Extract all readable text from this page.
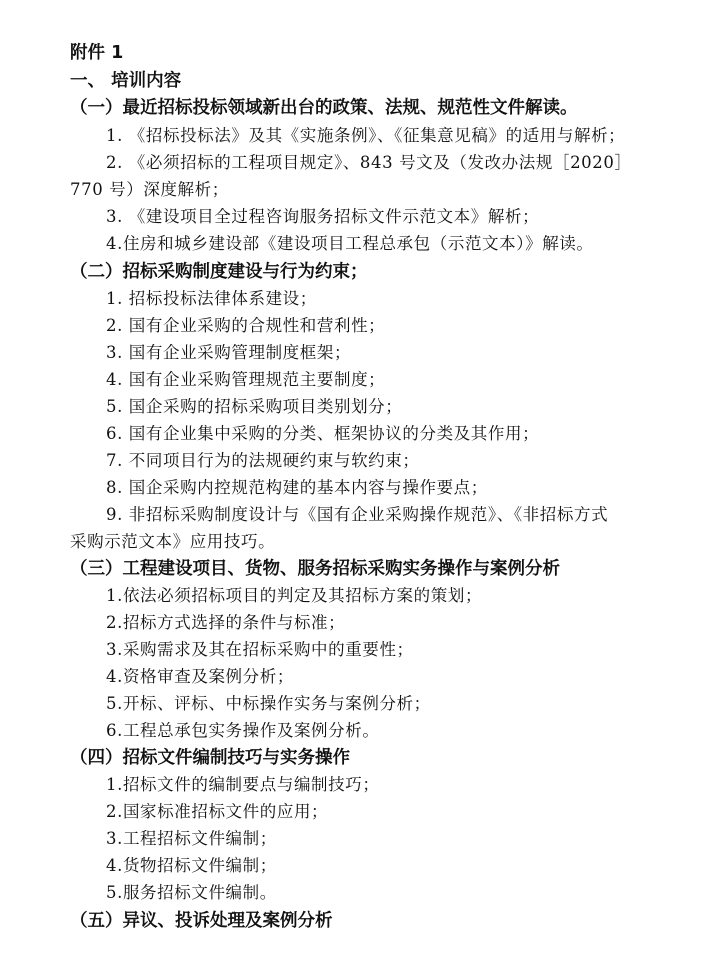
附件 1
一、 培训内容
（一）最近招标投标领域新出台的政策、法规、规范性文件解读。
1. 《招标投标法》及其《实施条例》、《征集意见稿》的适用与解析；
2. 《必须招标的工程项目规定》、843 号文及（发改办法规［2020］
770 号）深度解析；
3. 《建设项目全过程咨询服务招标文件示范文本》解析；
4.住房和城乡建设部《建设项目工程总承包（示范文本）》解读。
（二）招标采购制度建设与行为约束；
1. 招标投标法律体系建设；
2. 国有企业采购的合规性和营利性；
3. 国有企业采购管理制度框架；
4. 国有企业采购管理规范主要制度；
5. 国企采购的招标采购项目类别划分；
6. 国有企业集中采购的分类、框架协议的分类及其作用；
7. 不同项目行为的法规硬约束与软约束；
8. 国企采购内控规范构建的基本内容与操作要点；
9. 非招标采购制度设计与《国有企业采购操作规范》、《非招标方式
采购示范文本》应用技巧。
（三）工程建设项目、货物、服务招标采购实务操作与案例分析
1.依法必须招标项目的判定及其招标方案的策划；
2.招标方式选择的条件与标准；
3.采购需求及其在招标采购中的重要性；
4.资格审查及案例分析；
5.开标、评标、中标操作实务与案例分析；
6.工程总承包实务操作及案例分析。
（四）招标文件编制技巧与实务操作
1.招标文件的编制要点与编制技巧；
2.国家标准招标文件的应用；
3.工程招标文件编制；
4.货物招标文件编制；
5.服务招标文件编制。
（五）异议、投诉处理及案例分析
